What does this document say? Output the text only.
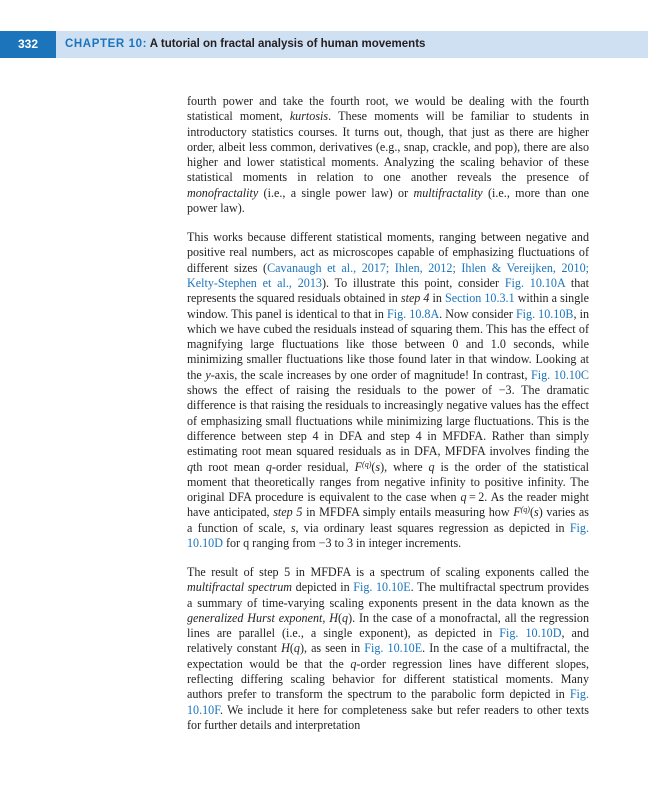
332	CHAPTER 10: A tutorial on fractal analysis of human movements

fourth power and take the fourth root, we would be dealing with the fourth statistical moment, kurtosis. These moments will be familiar to students in introductory statistics courses. It turns out, though, that just as there are higher order, albeit less common, derivatives (e.g., snap, crackle, and pop), there are also higher and lower statistical moments. Analyzing the scaling behavior of these statistical moments in relation to one another reveals the presence of monofractality (i.e., a single power law) or multifractality (i.e., more than one power law).

This works because different statistical moments, ranging between negative and positive real numbers, act as microscopes capable of emphasizing fluctuations of different sizes (Cavanaugh et al., 2017; Ihlen, 2012; Ihlen & Vereijken, 2010; Kelty-Stephen et al., 2013). To illustrate this point, consider Fig. 10.10A that represents the squared residuals obtained in step 4 in Section 10.3.1 within a single window. This panel is identical to that in Fig. 10.8A. Now consider Fig. 10.10B, in which we have cubed the residuals instead of squaring them. This has the effect of magnifying large fluctuations like those between 0 and 1.0 seconds, while minimizing smaller fluctuations like those found later in that window. Looking at the y-axis, the scale increases by one order of magnitude! In contrast, Fig. 10.10C shows the effect of raising the residuals to the power of −3. The dramatic difference is that raising the residuals to increasingly negative values has the effect of emphasizing small fluctuations while minimizing large fluctuations. This is the difference between step 4 in DFA and step 4 in MFDFA. Rather than simply estimating root mean squared residuals as in DFA, MFDFA involves finding the qth root mean q-order residual, $F^{(q)}(s)$, where q is the order of the statistical moment that theoretically ranges from negative infinity to positive infinity. The original DFA procedure is equivalent to the case when q = 2. As the reader might have anticipated, step 5 in MFDFA simply entails measuring how $F^{(q)}(s)$ varies as a function of scale, s, via ordinary least squares regression as depicted in Fig. 10.10D for q ranging from −3 to 3 in integer increments.

The result of step 5 in MFDFA is a spectrum of scaling exponents called the multifractal spectrum depicted in Fig. 10.10E. The multifractal spectrum provides a summary of time-varying scaling exponents present in the data known as the generalized Hurst exponent, H(q). In the case of a monofractal, all the regression lines are parallel (i.e., a single exponent), as depicted in Fig. 10.10D, and relatively constant H(q), as seen in Fig. 10.10E. In the case of a multifractal, the expectation would be that the q-order regression lines have different slopes, reflecting differing scaling behavior for different statistical moments. Many authors prefer to transform the spectrum to the parabolic form depicted in Fig. 10.10F. We include it here for completeness sake but refer readers to other texts for further details and interpretation
